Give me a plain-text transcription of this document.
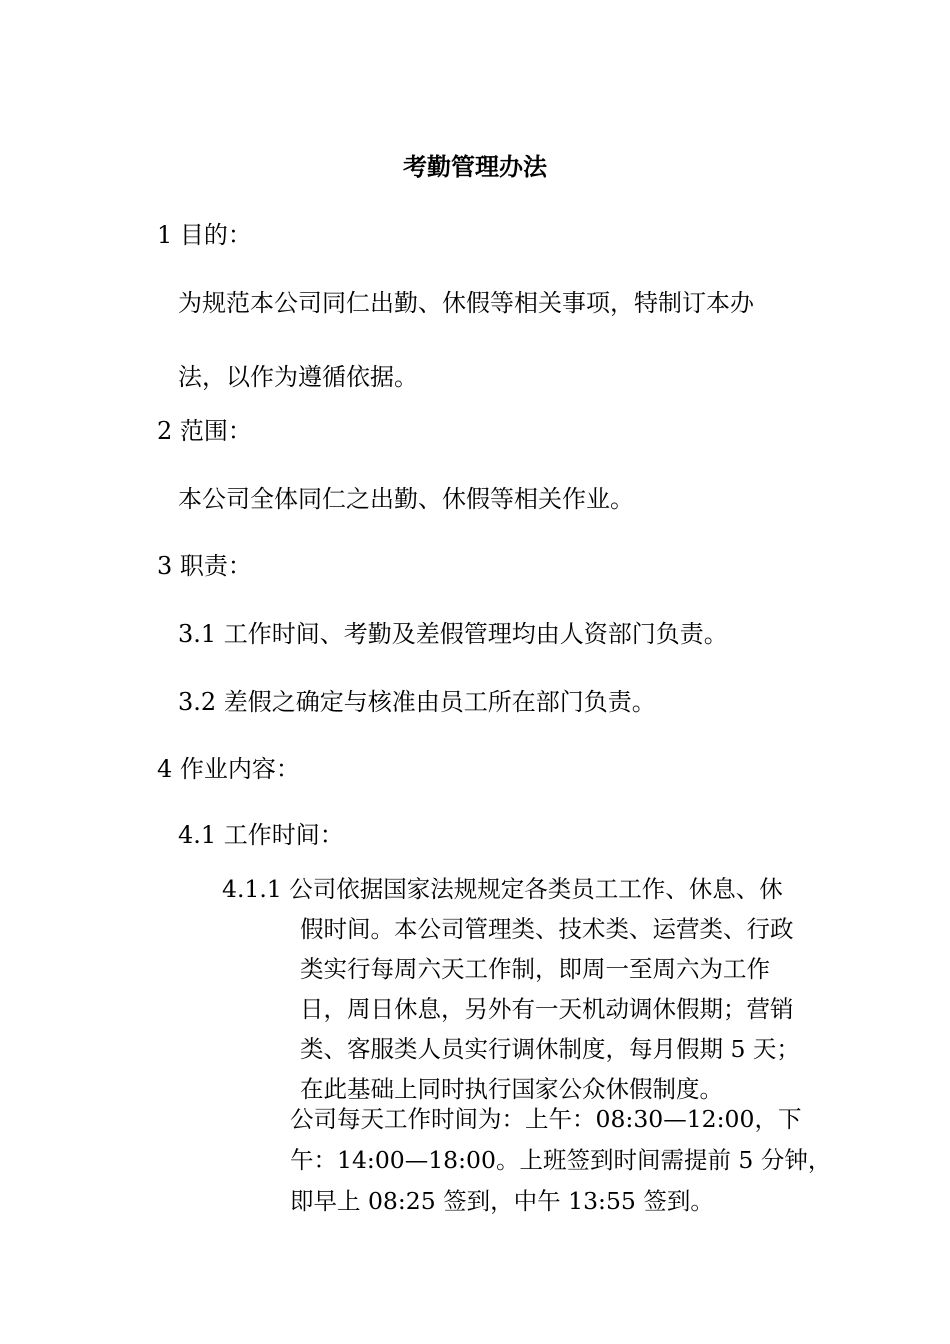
考勤管理办法
1 目的：
为规范本公司同仁出勤、休假等相关事项，特制订本办
法，以作为遵循依据。
2 范围：
本公司全体同仁之出勤、休假等相关作业。
3 职责：
3.1 工作时间、考勤及差假管理均由人资部门负责。
3.2 差假之确定与核准由员工所在部门负责。
4 作业内容：
4.1 工作时间：
4.1.1 公司依据国家法规规定各类员工工作、休息、休
假时间。本公司管理类、技术类、运营类、行政
类实行每周六天工作制，即周一至周六为工作
日，周日休息，另外有一天机动调休假期；营销
类、客服类人员实行调休制度，每月假期 5 天；
在此基础上同时执行国家公众休假制度。
公司每天工作时间为：上午：08:30—12:00，下
午：14:00—18:00。上班签到时间需提前 5 分钟，
即早上 08:25 签到，中午 13:55 签到。
